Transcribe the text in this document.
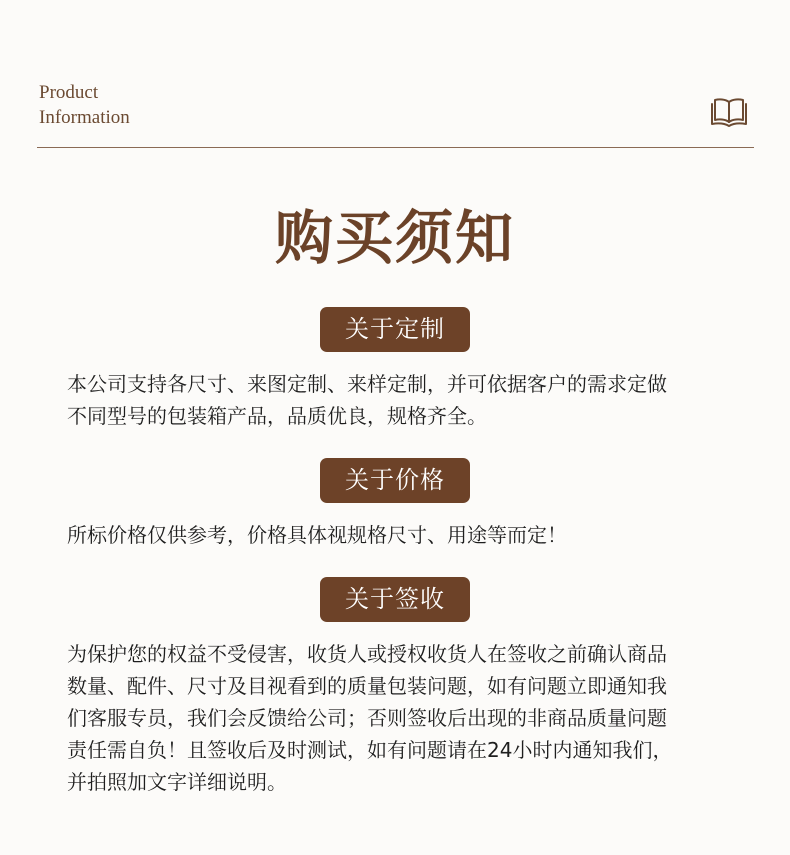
Product
Information
购买须知
关于定制
本公司支持各尺寸、来图定制、来样定制，并可依据客户的需求定做
不同型号的包装箱产品，品质优良，规格齐全。
关于价格
所标价格仅供参考，价格具体视规格尺寸、用途等而定！
关于签收
为保护您的权益不受侵害，收货人或授权收货人在签收之前确认商品
数量、配件、尺寸及目视看到的质量包装问题，如有问题立即通知我
们客服专员，我们会反馈给公司；否则签收后出现的非商品质量问题
责任需自负！且签收后及时测试，如有问题请在24小时内通知我们，
并拍照加文字详细说明。
